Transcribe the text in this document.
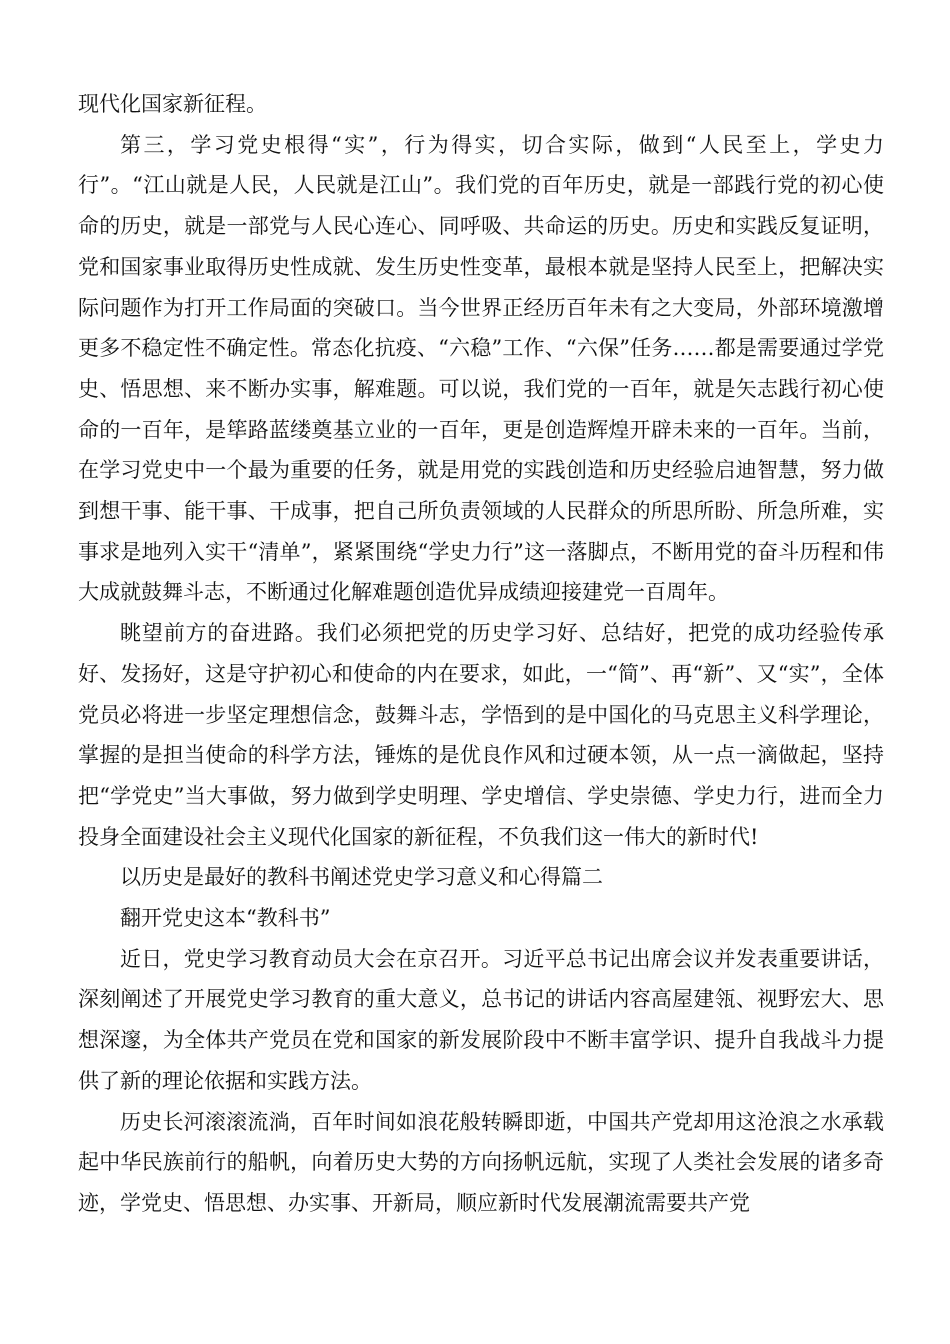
现代化国家新征程。

第三，学习党史根得“实”，行为得实，切合实际，做到“人民至上，学史力行”。“江山就是人民，人民就是江山”。我们党的百年历史，就是一部践行党的初心使命的历史，就是一部党与人民心连心、同呼吸、共命运的历史。历史和实践反复证明，党和国家事业取得历史性成就、发生历史性变革，最根本就是坚持人民至上，把解决实际问题作为打开工作局面的突破口。当今世界正经历百年未有之大变局，外部环境激增更多不稳定性不确定性。常态化抗疫、“六稳”工作、“六保”任务……都是需要通过学党史、悟思想、来不断办实事，解难题。可以说，我们党的一百年，就是矢志践行初心使命的一百年，是筚路蓝缕奠基立业的一百年，更是创造辉煌开辟未来的一百年。当前，在学习党史中一个最为重要的任务，就是用党的实践创造和历史经验启迪智慧，努力做到想干事、能干事、干成事，把自己所负责领域的人民群众的所思所盼、所急所难，实事求是地列入实干“清单”，紧紧围绕“学史力行”这一落脚点，不断用党的奋斗历程和伟大成就鼓舞斗志，不断通过化解难题创造优异成绩迎接建党一百周年。

眺望前方的奋进路。我们必须把党的历史学习好、总结好，把党的成功经验传承好、发扬好，这是守护初心和使命的内在要求，如此，一“简”、再“新”、又“实”，全体党员必将进一步坚定理想信念，鼓舞斗志，学悟到的是中国化的马克思主义科学理论，掌握的是担当使命的科学方法，锤炼的是优良作风和过硬本领，从一点一滴做起，坚持把“学党史”当大事做，努力做到学史明理、学史增信、学史崇德、学史力行，进而全力投身全面建设社会主义现代化国家的新征程，不负我们这一伟大的新时代!

以历史是最好的教科书阐述党史学习意义和心得篇二

翻开党史这本“教科书”

近日，党史学习教育动员大会在京召开。习近平总书记出席会议并发表重要讲话，深刻阐述了开展党史学习教育的重大意义，总书记的讲话内容高屋建瓴、视野宏大、思想深邃，为全体共产党员在党和国家的新发展阶段中不断丰富学识、提升自我战斗力提供了新的理论依据和实践方法。

历史长河滚滚流淌，百年时间如浪花般转瞬即逝，中国共产党却用这沧浪之水承载起中华民族前行的船帆，向着历史大势的方向扬帆远航，实现了人类社会发展的诸多奇迹，学党史、悟思想、办实事、开新局，顺应新时代发展潮流需要共产党
